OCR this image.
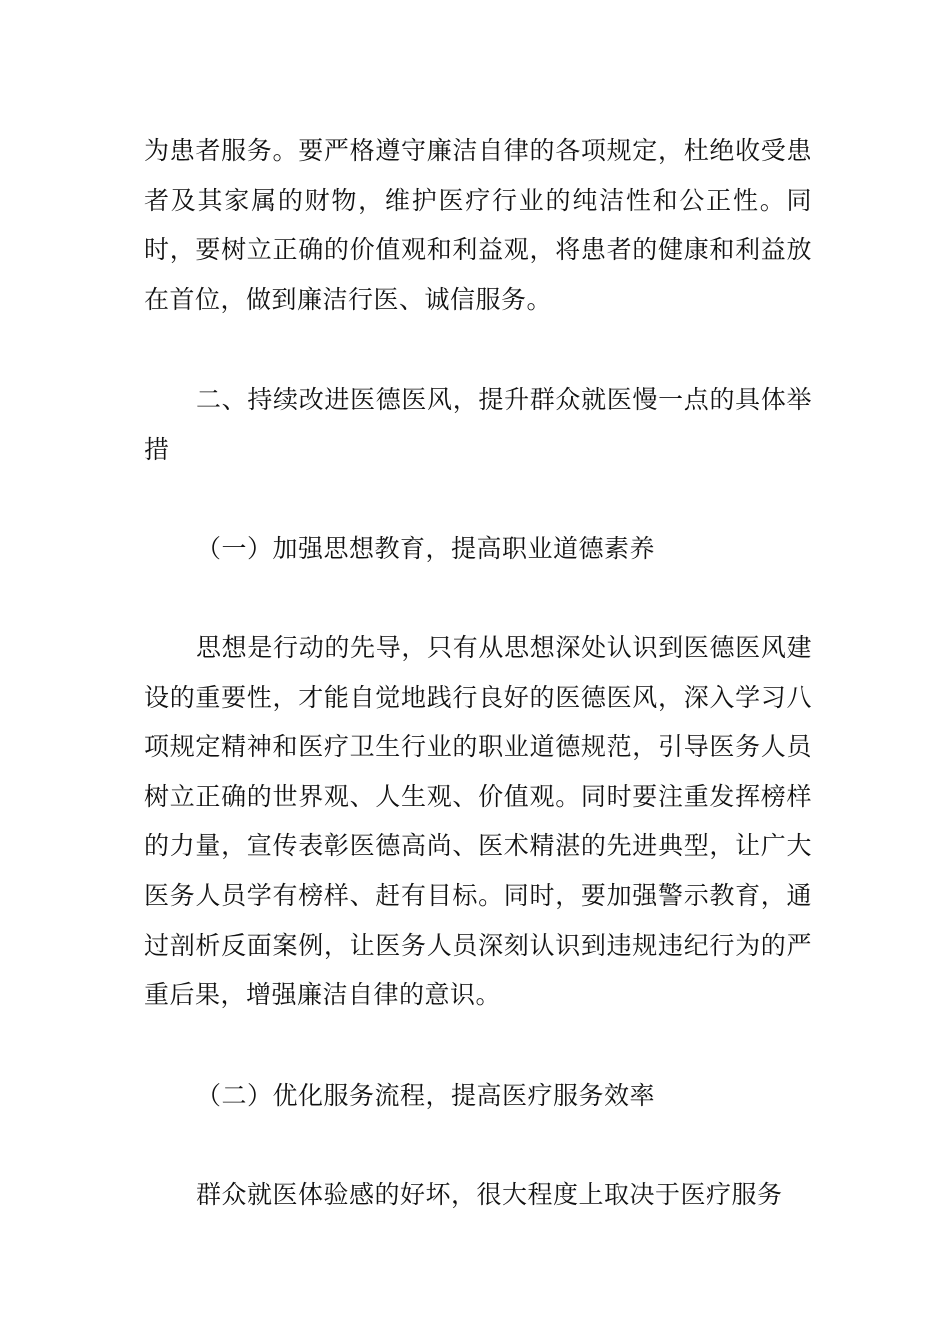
为患者服务。要严格遵守廉洁自律的各项规定，杜绝收受患者及其家属的财物，维护医疗行业的纯洁性和公正性。同时，要树立正确的价值观和利益观，将患者的健康和利益放在首位，做到廉洁行医、诚信服务。

二、持续改进医德医风，提升群众就医慢一点的具体举措

（一）加强思想教育，提高职业道德素养

思想是行动的先导，只有从思想深处认识到医德医风建设的重要性，才能自觉地践行良好的医德医风，深入学习八项规定精神和医疗卫生行业的职业道德规范，引导医务人员树立正确的世界观、人生观、价值观。同时要注重发挥榜样的力量，宣传表彰医德高尚、医术精湛的先进典型，让广大医务人员学有榜样、赶有目标。同时，要加强警示教育，通过剖析反面案例，让医务人员深刻认识到违规违纪行为的严重后果，增强廉洁自律的意识。

（二）优化服务流程，提高医疗服务效率

群众就医体验感的好坏，很大程度上取决于医疗服务
